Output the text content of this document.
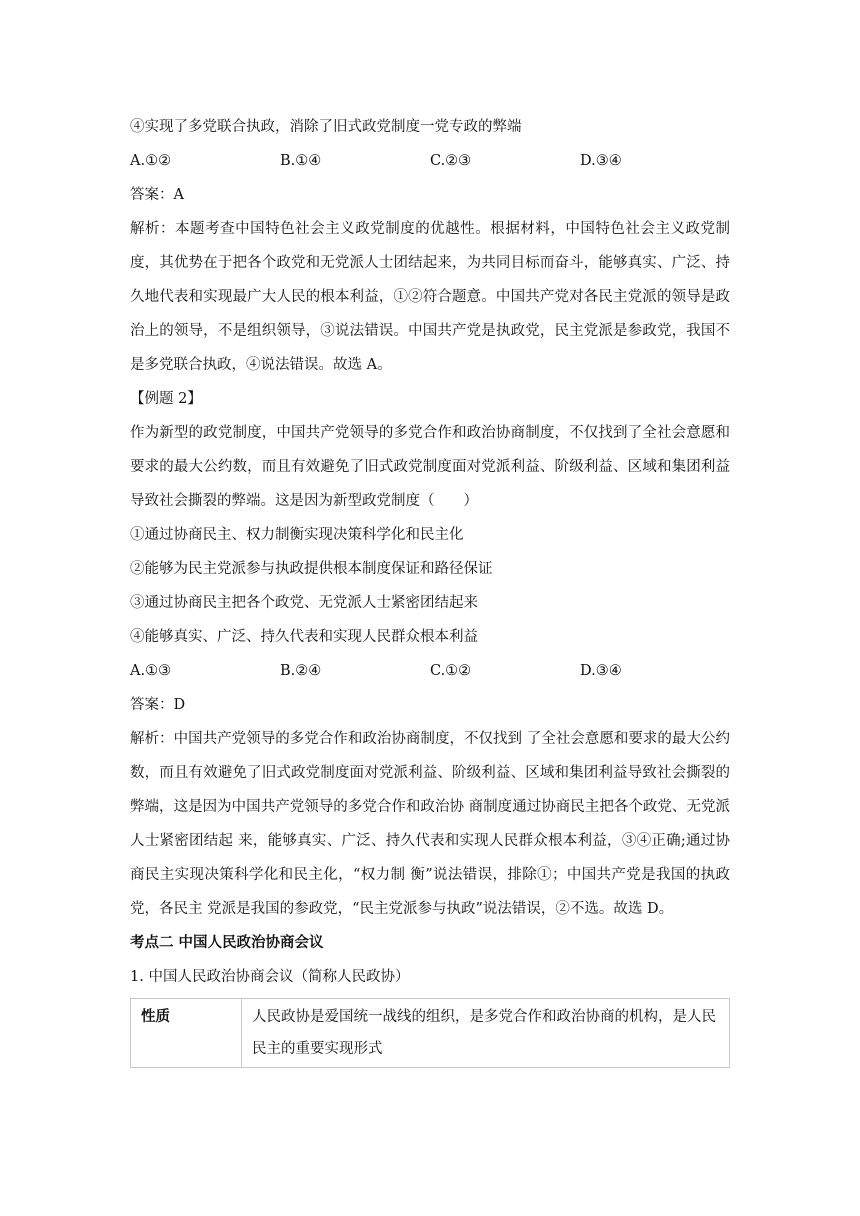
④实现了多党联合执政，消除了旧式政党制度一党专政的弊端
A.①②	B.①④	C.②③	D.③④
答案：A
解析：本题考查中国特色社会主义政党制度的优越性。根据材料，中国特色社会主义政党制度，其优势在于把各个政党和无党派人士团结起来，为共同目标而奋斗，能够真实、广泛、持久地代表和实现最广大人民的根本利益，①②符合题意。中国共产党对各民主党派的领导是政治上的领导，不是组织领导，③说法错误。中国共产党是执政党，民主党派是参政党，我国不是多党联合执政，④说法错误。故选 A。
【例题 2】
作为新型的政党制度，中国共产党领导的多党合作和政治协商制度，不仅找到了全社会意愿和要求的最大公约数，而且有效避免了旧式政党制度面对党派利益、阶级利益、区域和集团利益导致社会撕裂的弊端。这是因为新型政党制度（　　）
①通过协商民主、权力制衡实现决策科学化和民主化
②能够为民主党派参与执政提供根本制度保证和路径保证
③通过协商民主把各个政党、无党派人士紧密团结起来
④能够真实、广泛、持久代表和实现人民群众根本利益
A.①③	B.②④	C.①②	D.③④
答案：D
解析：中国共产党领导的多党合作和政治协商制度，不仅找到 了全社会意愿和要求的最大公约数，而且有效避免了旧式政党制度面对党派利益、阶级利益、区域和集团利益导致社会撕裂的弊端，这是因为中国共产党领导的多党合作和政治协 商制度通过协商民主把各个政党、无党派人士紧密团结起 来，能够真实、广泛、持久代表和实现人民群众根本利益，③④正确;通过协商民主实现决策科学化和民主化，“权力制 衡”说法错误，排除①；中国共产党是我国的执政党，各民主 党派是我国的参政党，“民主党派参与执政”说法错误，②不选。故选 D。
考点二 中国人民政治协商会议
1. 中国人民政治协商会议（简称人民政协）
性质	人民政协是爱国统一战线的组织，是多党合作和政治协商的机构，是人民民主的重要实现形式
